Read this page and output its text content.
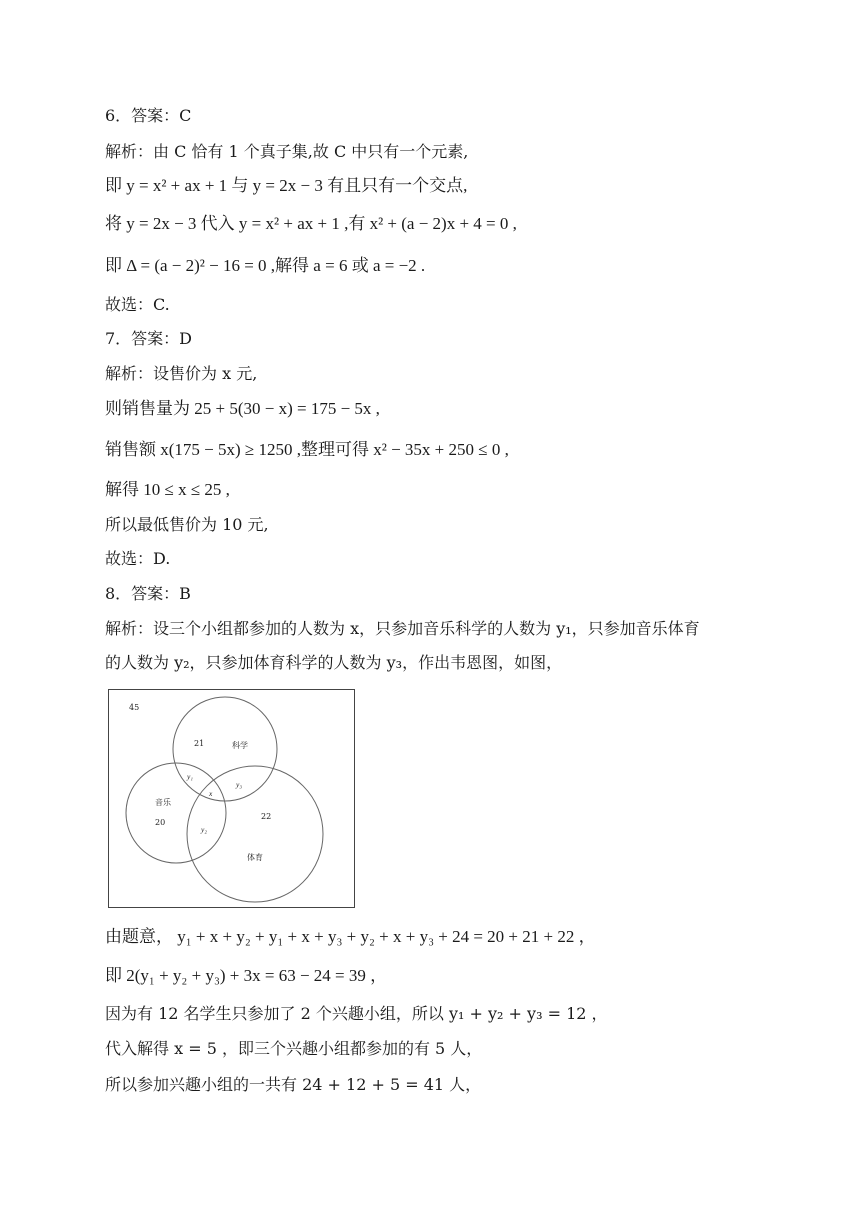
6．答案：C
解析：由 C 恰有 1 个真子集,故 C 中只有一个元素,
即 y = x² + ax + 1 与 y = 2x − 3 有且只有一个交点,
将 y = 2x − 3 代入 y = x² + ax + 1 ,有 x² + (a − 2)x + 4 = 0 ,
即 Δ = (a − 2)² − 16 = 0 ,解得 a = 6 或 a = −2 .
故选：C.
7．答案：D
解析：设售价为 x 元,
则销售量为 25 + 5(30 − x) = 175 − 5x ,
销售额 x(175 − 5x) ≥ 1250 ,整理可得 x² − 35x + 250 ≤ 0 ,
解得 10 ≤ x ≤ 25 ,
所以最低售价为 10 元,
故选：D.
8．答案：B
解析：设三个小组都参加的人数为 x，只参加音乐科学的人数为 y₁，只参加音乐体育
的人数为 y₂，只参加体育科学的人数为 y₃，作出韦恩图，如图，
45
21	科学
y₁
y₃
x
音乐
20
22
y₂
体育
由题意， y₁ + x + y₂ + y₁ + x + y₃ + y₂ + x + y₃ + 24 = 20 + 21 + 22 ，
即 2(y₁ + y₂ + y₃) + 3x = 63 − 24 = 39 ，
因为有 12 名学生只参加了 2 个兴趣小组，所以 y₁ + y₂ + y₃ = 12 ，
代入解得 x = 5 ，即三个兴趣小组都参加的有 5 人，
所以参加兴趣小组的一共有 24 + 12 + 5 = 41 人，
